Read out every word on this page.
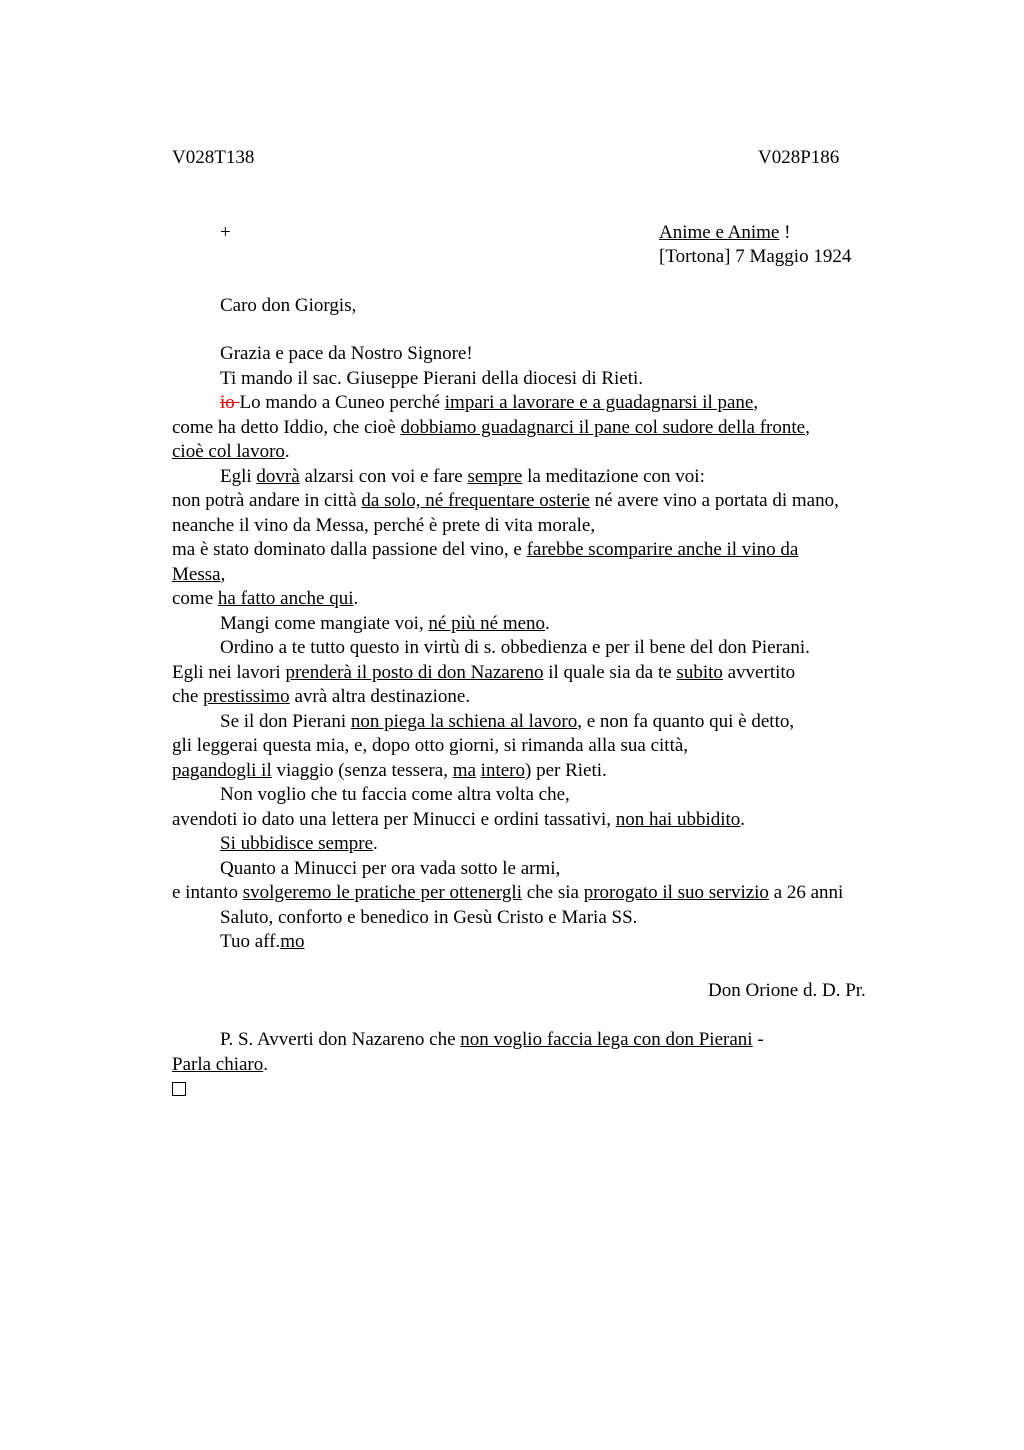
V028T138	V028P186
+	Anime e Anime !
[Tortona] 7 Maggio 1924
Caro don Giorgis,
Grazia e pace da Nostro Signore!
Ti mando il sac. Giuseppe Pierani della diocesi di Rieti.
io Lo mando a Cuneo perché impari a lavorare e a guadagnarsi il pane,
come ha detto Iddio, che cioè dobbiamo guadagnarci il pane col sudore della fronte,
cioè col lavoro.
Egli dovrà alzarsi con voi e fare sempre la meditazione con voi:
non potrà andare in città da solo, né frequentare osterie né avere vino a portata di mano,
neanche il vino da Messa, perché è prete di vita morale,
ma è stato dominato dalla passione del vino, e farebbe scomparire anche il vino da
Messa,
come ha fatto anche qui.
Mangi come mangiate voi, né più né meno.
Ordino a te tutto questo in virtù di s. obbedienza e per il bene del don Pierani.
Egli nei lavori prenderà il posto di don Nazareno il quale sia da te subito avvertito
che prestissimo avrà altra destinazione.
Se il don Pierani non piega la schiena al lavoro, e non fa quanto qui è detto,
gli leggerai questa mia, e, dopo otto giorni, si rimanda alla sua città,
pagandogli il viaggio (senza tessera, ma intero) per Rieti.
Non voglio che tu faccia come altra volta che,
avendoti io dato una lettera per Minucci e ordini tassativi, non hai ubbidito.
Si ubbidisce sempre.
Quanto a Minucci per ora vada sotto le armi,
e intanto svolgeremo le pratiche per ottenergli che sia prorogato il suo servizio a 26 anni
Saluto, conforto e benedico in Gesù Cristo e Maria SS.
Tuo aff.mo
Don Orione d. D. Pr.
P. S. Avverti don Nazareno che non voglio faccia lega con don Pierani -
Parla chiaro.
